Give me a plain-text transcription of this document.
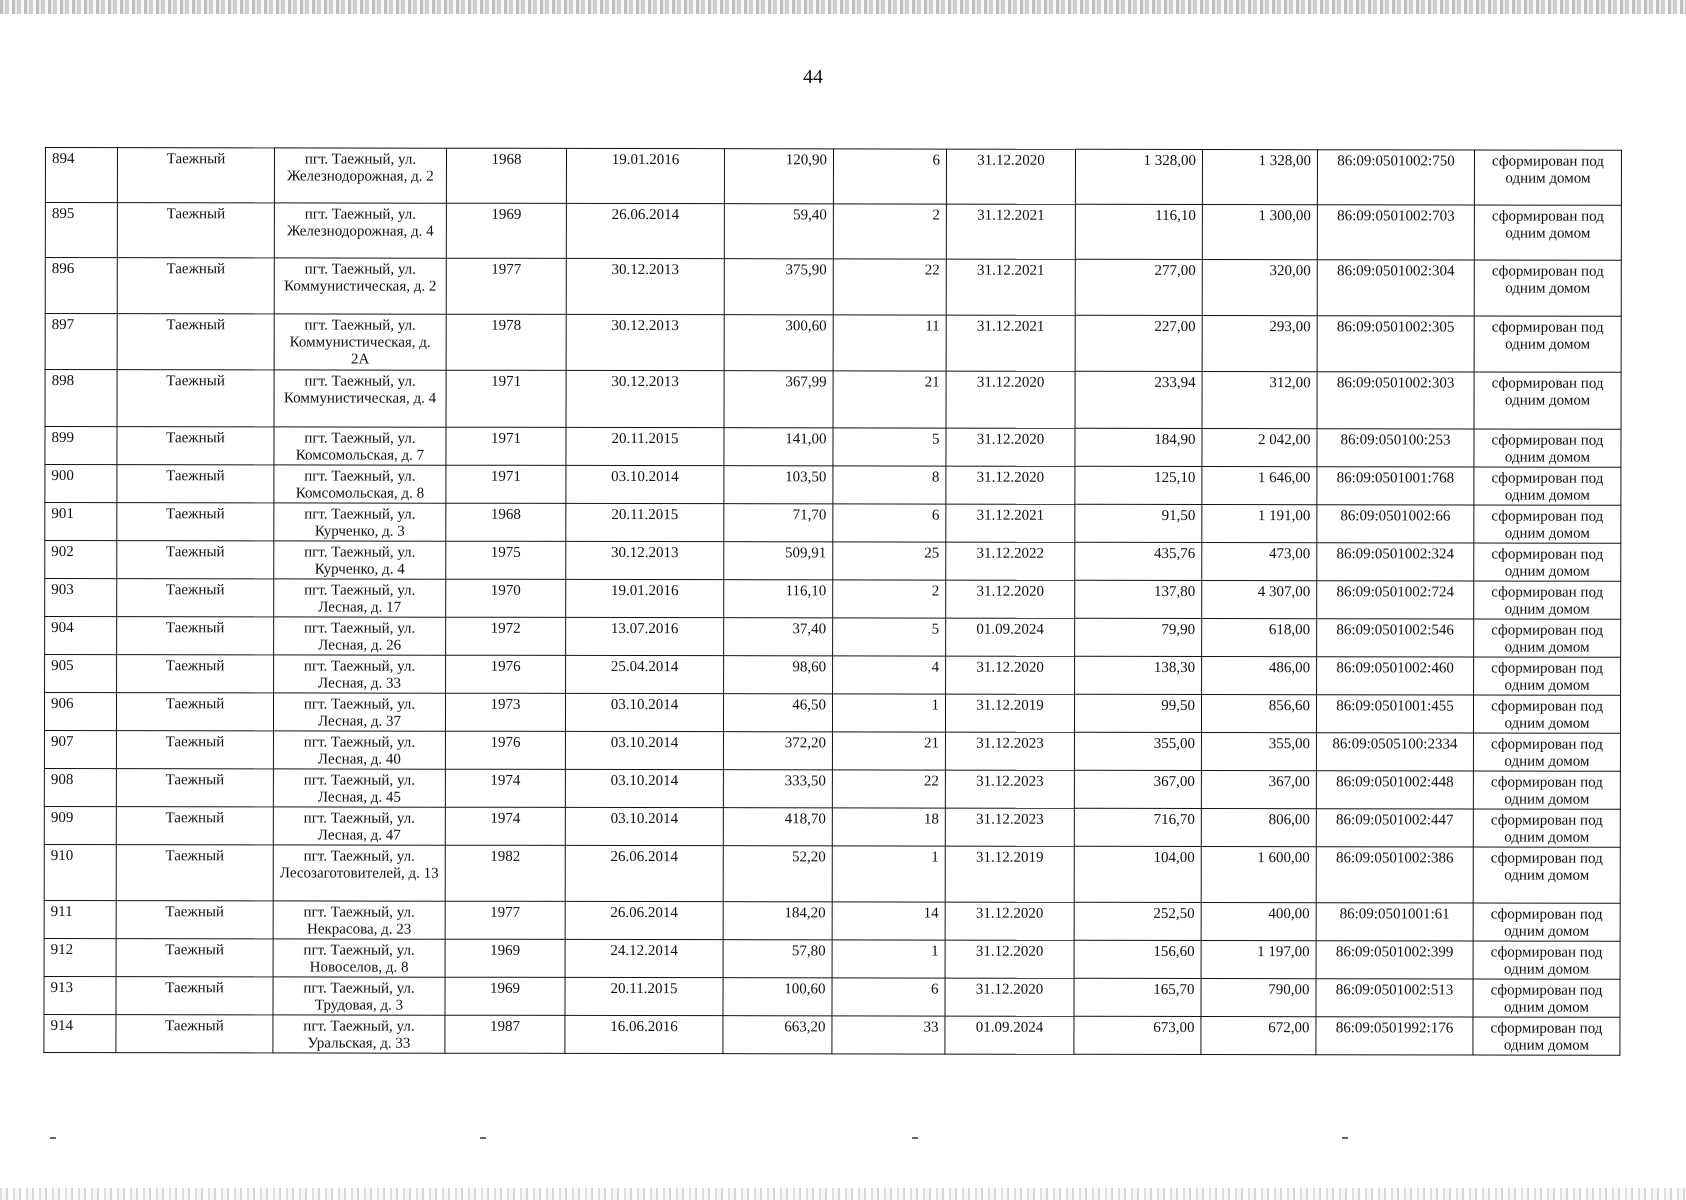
44
894	Таежный	пгт. Таежный, ул. Железнодорожная, д. 2	1968	19.01.2016	120,90	6	31.12.2020	1 328,00	1 328,00	86:09:0501002:750	сформирован под одним домом
895	Таежный	пгт. Таежный, ул. Железнодорожная, д. 4	1969	26.06.2014	59,40	2	31.12.2021	116,10	1 300,00	86:09:0501002:703	сформирован под одним домом
896	Таежный	пгт. Таежный, ул. Коммунистическая, д. 2	1977	30.12.2013	375,90	22	31.12.2021	277,00	320,00	86:09:0501002:304	сформирован под одним домом
897	Таежный	пгт. Таежный, ул. Коммунистическая, д. 2А	1978	30.12.2013	300,60	11	31.12.2021	227,00	293,00	86:09:0501002:305	сформирован под одним домом
898	Таежный	пгт. Таежный, ул. Коммунистическая, д. 4	1971	30.12.2013	367,99	21	31.12.2020	233,94	312,00	86:09:0501002:303	сформирован под одним домом
899	Таежный	пгт. Таежный, ул. Комсомольская, д. 7	1971	20.11.2015	141,00	5	31.12.2020	184,90	2 042,00	86:09:050100:253	сформирован под одним домом
900	Таежный	пгт. Таежный, ул. Комсомольская, д. 8	1971	03.10.2014	103,50	8	31.12.2020	125,10	1 646,00	86:09:0501001:768	сформирован под одним домом
901	Таежный	пгт. Таежный, ул. Курченко, д. 3	1968	20.11.2015	71,70	6	31.12.2021	91,50	1 191,00	86:09:0501002:66	сформирован под одним домом
902	Таежный	пгт. Таежный, ул. Курченко, д. 4	1975	30.12.2013	509,91	25	31.12.2022	435,76	473,00	86:09:0501002:324	сформирован под одним домом
903	Таежный	пгт. Таежный, ул. Лесная, д. 17	1970	19.01.2016	116,10	2	31.12.2020	137,80	4 307,00	86:09:0501002:724	сформирован под одним домом
904	Таежный	пгт. Таежный, ул. Лесная, д. 26	1972	13.07.2016	37,40	5	01.09.2024	79,90	618,00	86:09:0501002:546	сформирован под одним домом
905	Таежный	пгт. Таежный, ул. Лесная, д. 33	1976	25.04.2014	98,60	4	31.12.2020	138,30	486,00	86:09:0501002:460	сформирован под одним домом
906	Таежный	пгт. Таежный, ул. Лесная, д. 37	1973	03.10.2014	46,50	1	31.12.2019	99,50	856,60	86:09:0501001:455	сформирован под одним домом
907	Таежный	пгт. Таежный, ул. Лесная, д. 40	1976	03.10.2014	372,20	21	31.12.2023	355,00	355,00	86:09:0505100:2334	сформирован под одним домом
908	Таежный	пгт. Таежный, ул. Лесная, д. 45	1974	03.10.2014	333,50	22	31.12.2023	367,00	367,00	86:09:0501002:448	сформирован под одним домом
909	Таежный	пгт. Таежный, ул. Лесная, д. 47	1974	03.10.2014	418,70	18	31.12.2023	716,70	806,00	86:09:0501002:447	сформирован под одним домом
910	Таежный	пгт. Таежный, ул. Лесозаготовителей, д. 13	1982	26.06.2014	52,20	1	31.12.2019	104,00	1 600,00	86:09:0501002:386	сформирован под одним домом
911	Таежный	пгт. Таежный, ул. Некрасова, д. 23	1977	26.06.2014	184,20	14	31.12.2020	252,50	400,00	86:09:0501001:61	сформирован под одним домом
912	Таежный	пгт. Таежный, ул. Новоселов, д. 8	1969	24.12.2014	57,80	1	31.12.2020	156,60	1 197,00	86:09:0501002:399	сформирован под одним домом
913	Таежный	пгт. Таежный, ул. Трудовая, д. 3	1969	20.11.2015	100,60	6	31.12.2020	165,70	790,00	86:09:0501002:513	сформирован под одним домом
914	Таежный	пгт. Таежный, ул. Уральская, д. 33	1987	16.06.2016	663,20	33	01.09.2024	673,00	672,00	86:09:0501992:176	сформирован под одним домом
